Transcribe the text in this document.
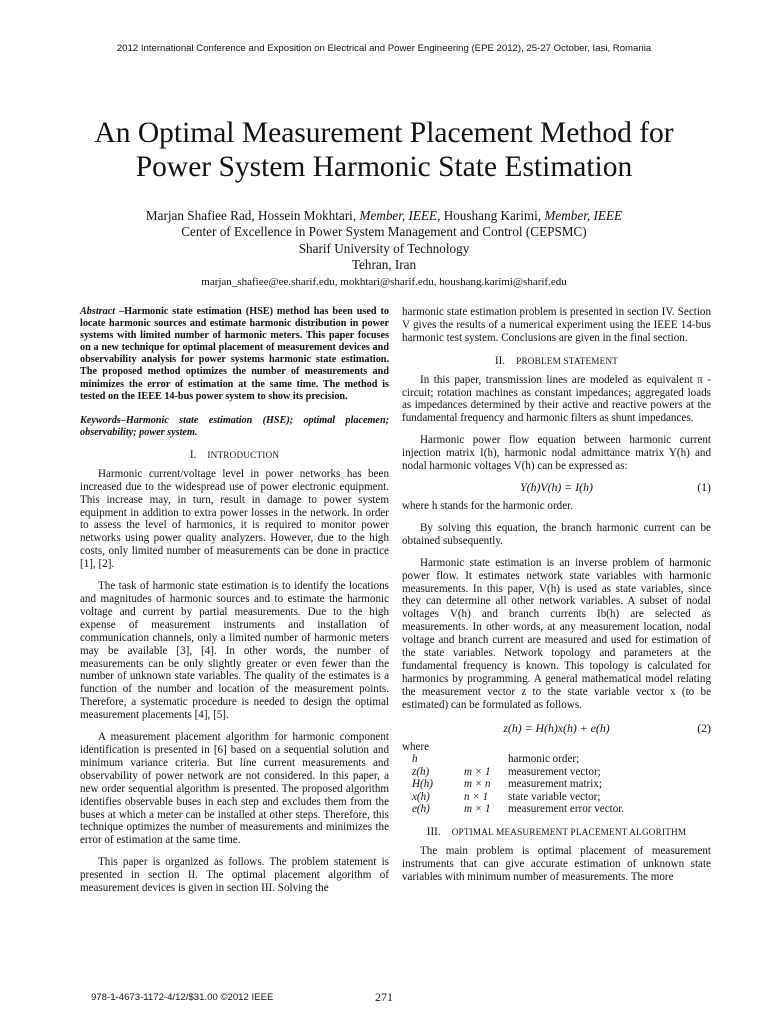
2012 International Conference and Exposition on Electrical and Power Engineering (EPE 2012), 25-27 October, Iasi, Romania
An Optimal Measurement Placement Method for
Power System Harmonic State Estimation
Marjan Shafiee Rad, Hossein Mokhtari, Member, IEEE, Houshang Karimi, Member, IEEE
Center of Excellence in Power System Management and Control (CEPSMC)
Sharif University of Technology
Tehran, Iran
marjan_shafiee@ee.sharif.edu, mokhtari@sharif.edu, houshang.karimi@sharif.edu

Abstract –Harmonic state estimation (HSE) method has been used to locate harmonic sources and estimate harmonic distribution in power systems with limited number of harmonic meters. This paper focuses on a new technique for optimal placement of measurement devices and observability analysis for power systems harmonic state estimation. The proposed method optimizes the number of measurements and minimizes the error of estimation at the same time. The method is tested on the IEEE 14-bus power system to show its precision.

Keywords–Harmonic state estimation (HSE); optimal placemen; observability; power system.

I. INTRODUCTION

Harmonic current/voltage level in power networks has been increased due to the widespread use of power electronic equipment. This increase may, in turn, result in damage to power system equipment in addition to extra power losses in the network. In order to assess the level of harmonics, it is required to monitor power networks using power quality analyzers. However, due to the high costs, only limited number of measurements can be done in practice [1], [2].

The task of harmonic state estimation is to identify the locations and magnitudes of harmonic sources and to estimate the harmonic voltage and current by partial measurements. Due to the high expense of measurement instruments and installation of communication channels, only a limited number of harmonic meters may be available [3], [4]. In other words, the number of measurements can be only slightly greater or even fewer than the number of unknown state variables. The quality of the estimates is a function of the number and location of the measurement points. Therefore, a systematic procedure is needed to design the optimal measurement placements [4], [5].

A measurement placement algorithm for harmonic component identification is presented in [6] based on a sequential solution and minimum variance criteria. But line current measurements and observability of power network are not considered. In this paper, a new order sequential algorithm is presented. The proposed algorithm identifies observable buses in each step and excludes them from the buses at which a meter can be installed at other steps. Therefore, this technique optimizes the number of measurements and minimizes the error of estimation at the same time.

This paper is organized as follows. The problem statement is presented in section II. The optimal placement algorithm of measurement devices is given in section III. Solving the

harmonic state estimation problem is presented in section IV. Section V gives the results of a numerical experiment using the IEEE 14-bus harmonic test system. Conclusions are given in the final section.

II. PROBLEM STATEMENT

In this paper, transmission lines are modeled as equivalent π -circuit; rotation machines as constant impedances; aggregated loads as impedances determined by their active and reactive powers at the fundamental frequency and harmonic filters as shunt impedances.

Harmonic power flow equation between harmonic current injection matrix I(h), harmonic nodal admittance matrix Y(h) and nodal harmonic voltages V(h) can be expressed as:

Y(h)V(h) = I(h)	(1)

where h stands for the harmonic order.

By solving this equation, the branch harmonic current can be obtained subsequently.

Harmonic state estimation is an inverse problem of harmonic power flow. It estimates network state variables with harmonic measurements. In this paper, V(h) is used as state variables, since they can determine all other network variables. A subset of nodal voltages V(h) and branch currents Ib(h) are selected as measurements. In other words, at any measurement location, nodal voltage and branch current are measured and used for estimation of the state variables. Network topology and parameters at the fundamental frequency is known. This topology is calculated for harmonics by programming. A general mathematical model relating the measurement vector z to the state variable vector x (to be estimated) can be formulated as follows.

z(h) = H(h)x(h) + e(h)	(2)

where

h	harmonic order;
z(h)	m × 1	measurement vector;
H(h)	m × n	measurement matrix;
x(h)	n × 1	state variable vector;
e(h)	m × 1	measurement error vector.
III. OPTIMAL MEASUREMENT PLACEMENT ALGORITHM

The main problem is optimal placement of measurement instruments that can give accurate estimation of unknown state variables with minimum number of measurements. The more

978-1-4673-1172-4/12/$31.00 ©2012 IEEE	271
